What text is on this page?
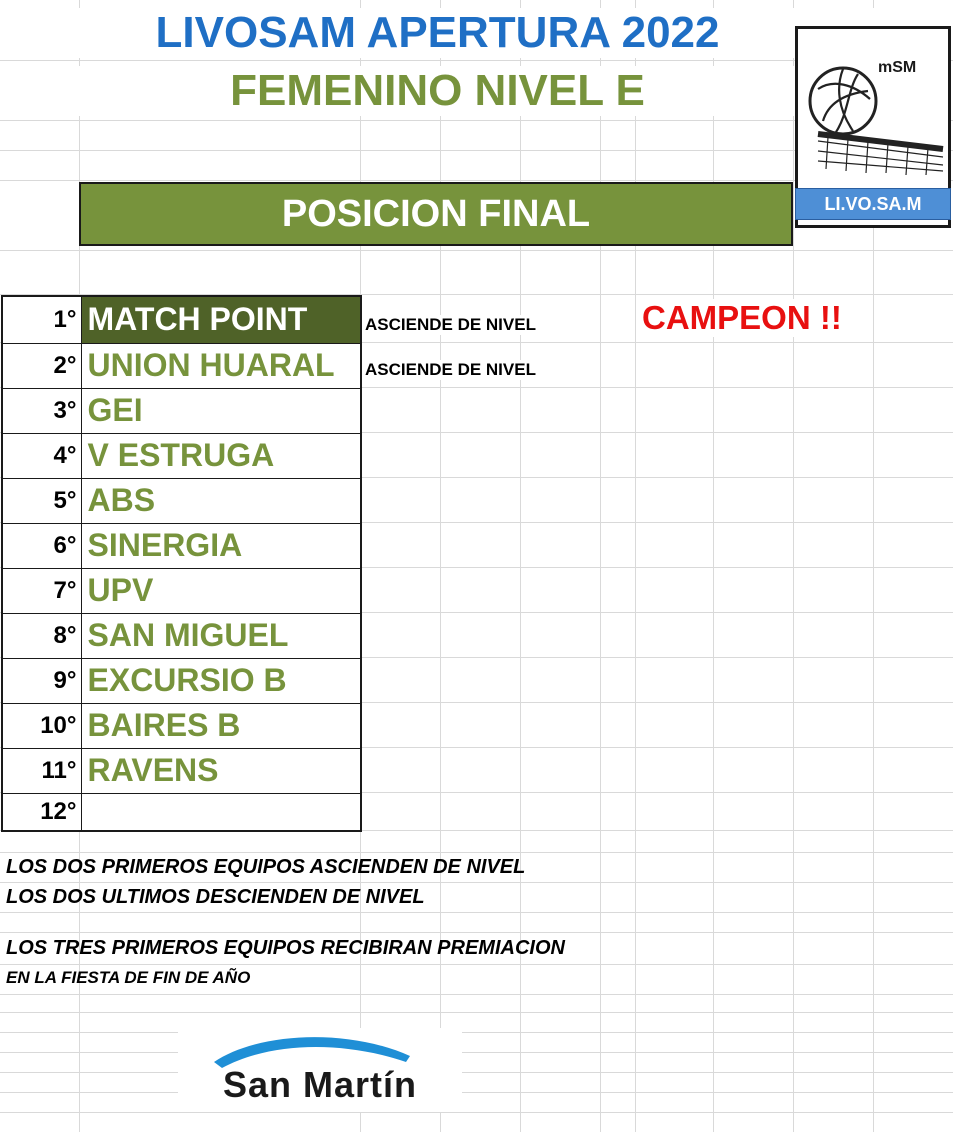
LIVOSAM APERTURA 2022
FEMENINO NIVEL E	mSM
LI.VO.SA.M
POSICION FINAL
1°	MATCH POINT
2°	UNION HUARAL
3°	GEI
4°	V ESTRUGA
5°	ABS
6°	SINERGIA
7°	UPV
8°	SAN MIGUEL
9°	EXCURSIO B
10°	BAIRES B
11°	RAVENS
12°	
ASCIENDE DE NIVEL
ASCIENDE DE NIVEL
CAMPEON !!
LOS DOS PRIMEROS EQUIPOS ASCIENDEN DE NIVEL
LOS DOS ULTIMOS DESCIENDEN DE NIVEL
LOS TRES PRIMEROS EQUIPOS RECIBIRAN PREMIACION
EN LA FIESTA DE FIN DE AÑO
San Martín
